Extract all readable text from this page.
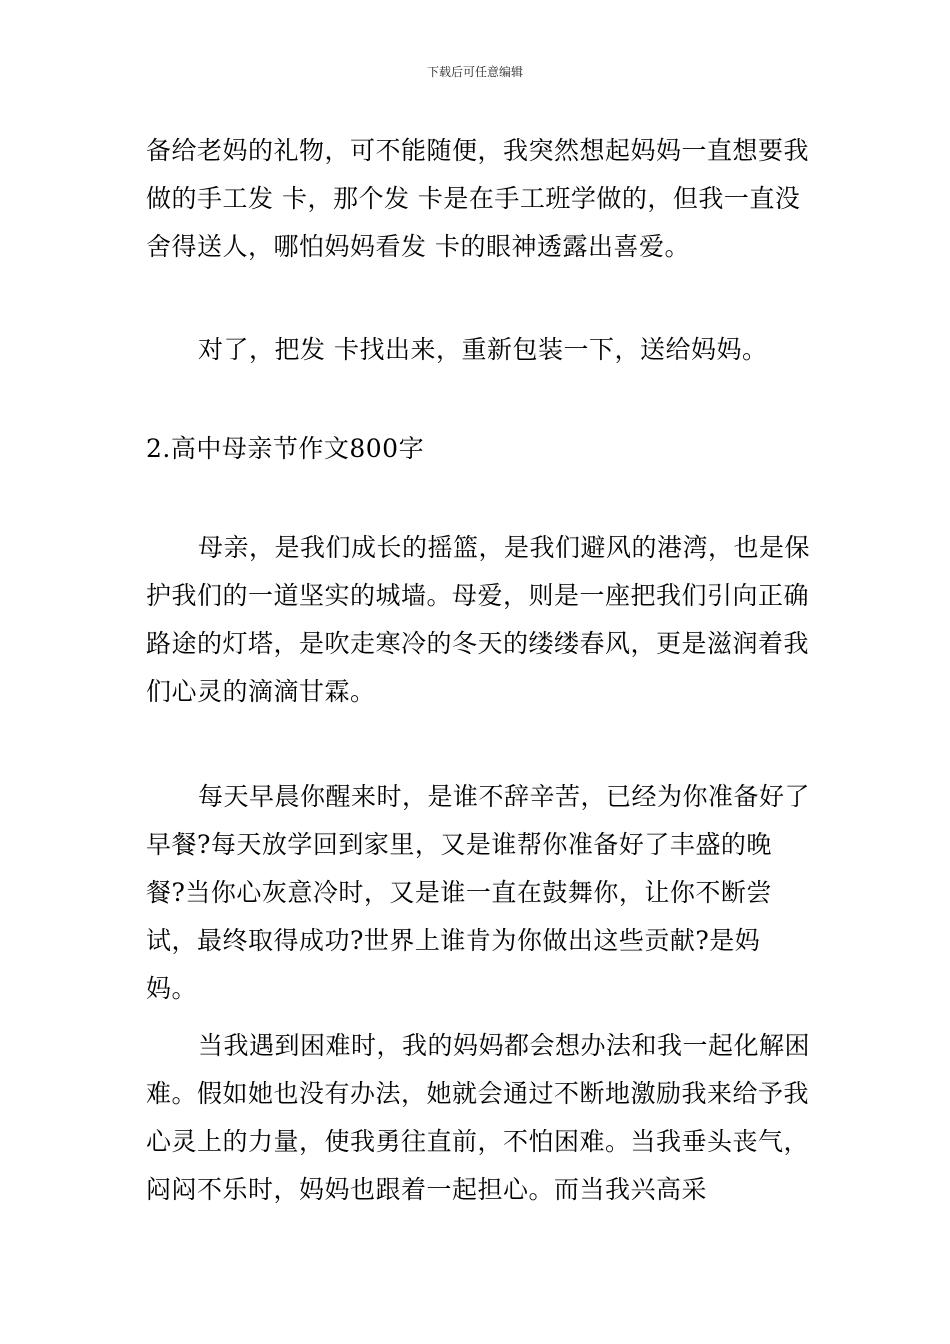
下载后可任意编辑

备给老妈的礼物，可不能随便，我突然想起妈妈一直想要我做的手工发 卡，那个发 卡是在手工班学做的，但我一直没舍得送人，哪怕妈妈看发 卡的眼神透露出喜爱。

对了，把发 卡找出来，重新包装一下，送给妈妈。

2.高中母亲节作文800字

母亲，是我们成长的摇篮，是我们避风的港湾，也是保护我们的一道坚实的城墙。母爱，则是一座把我们引向正确路途的灯塔，是吹走寒冷的冬天的缕缕春风，更是滋润着我们心灵的滴滴甘霖。

每天早晨你醒来时，是谁不辞辛苦，已经为你准备好了早餐?每天放学回到家里，又是谁帮你准备好了丰盛的晚餐?当你心灰意冷时，又是谁一直在鼓舞你，让你不断尝试，最终取得成功?世界上谁肯为你做出这些贡献?是妈妈。

当我遇到困难时，我的妈妈都会想办法和我一起化解困难。假如她也没有办法，她就会通过不断地激励我来给予我心灵上的力量，使我勇往直前，不怕困难。当我垂头丧气，闷闷不乐时，妈妈也跟着一起担心。而当我兴高采
